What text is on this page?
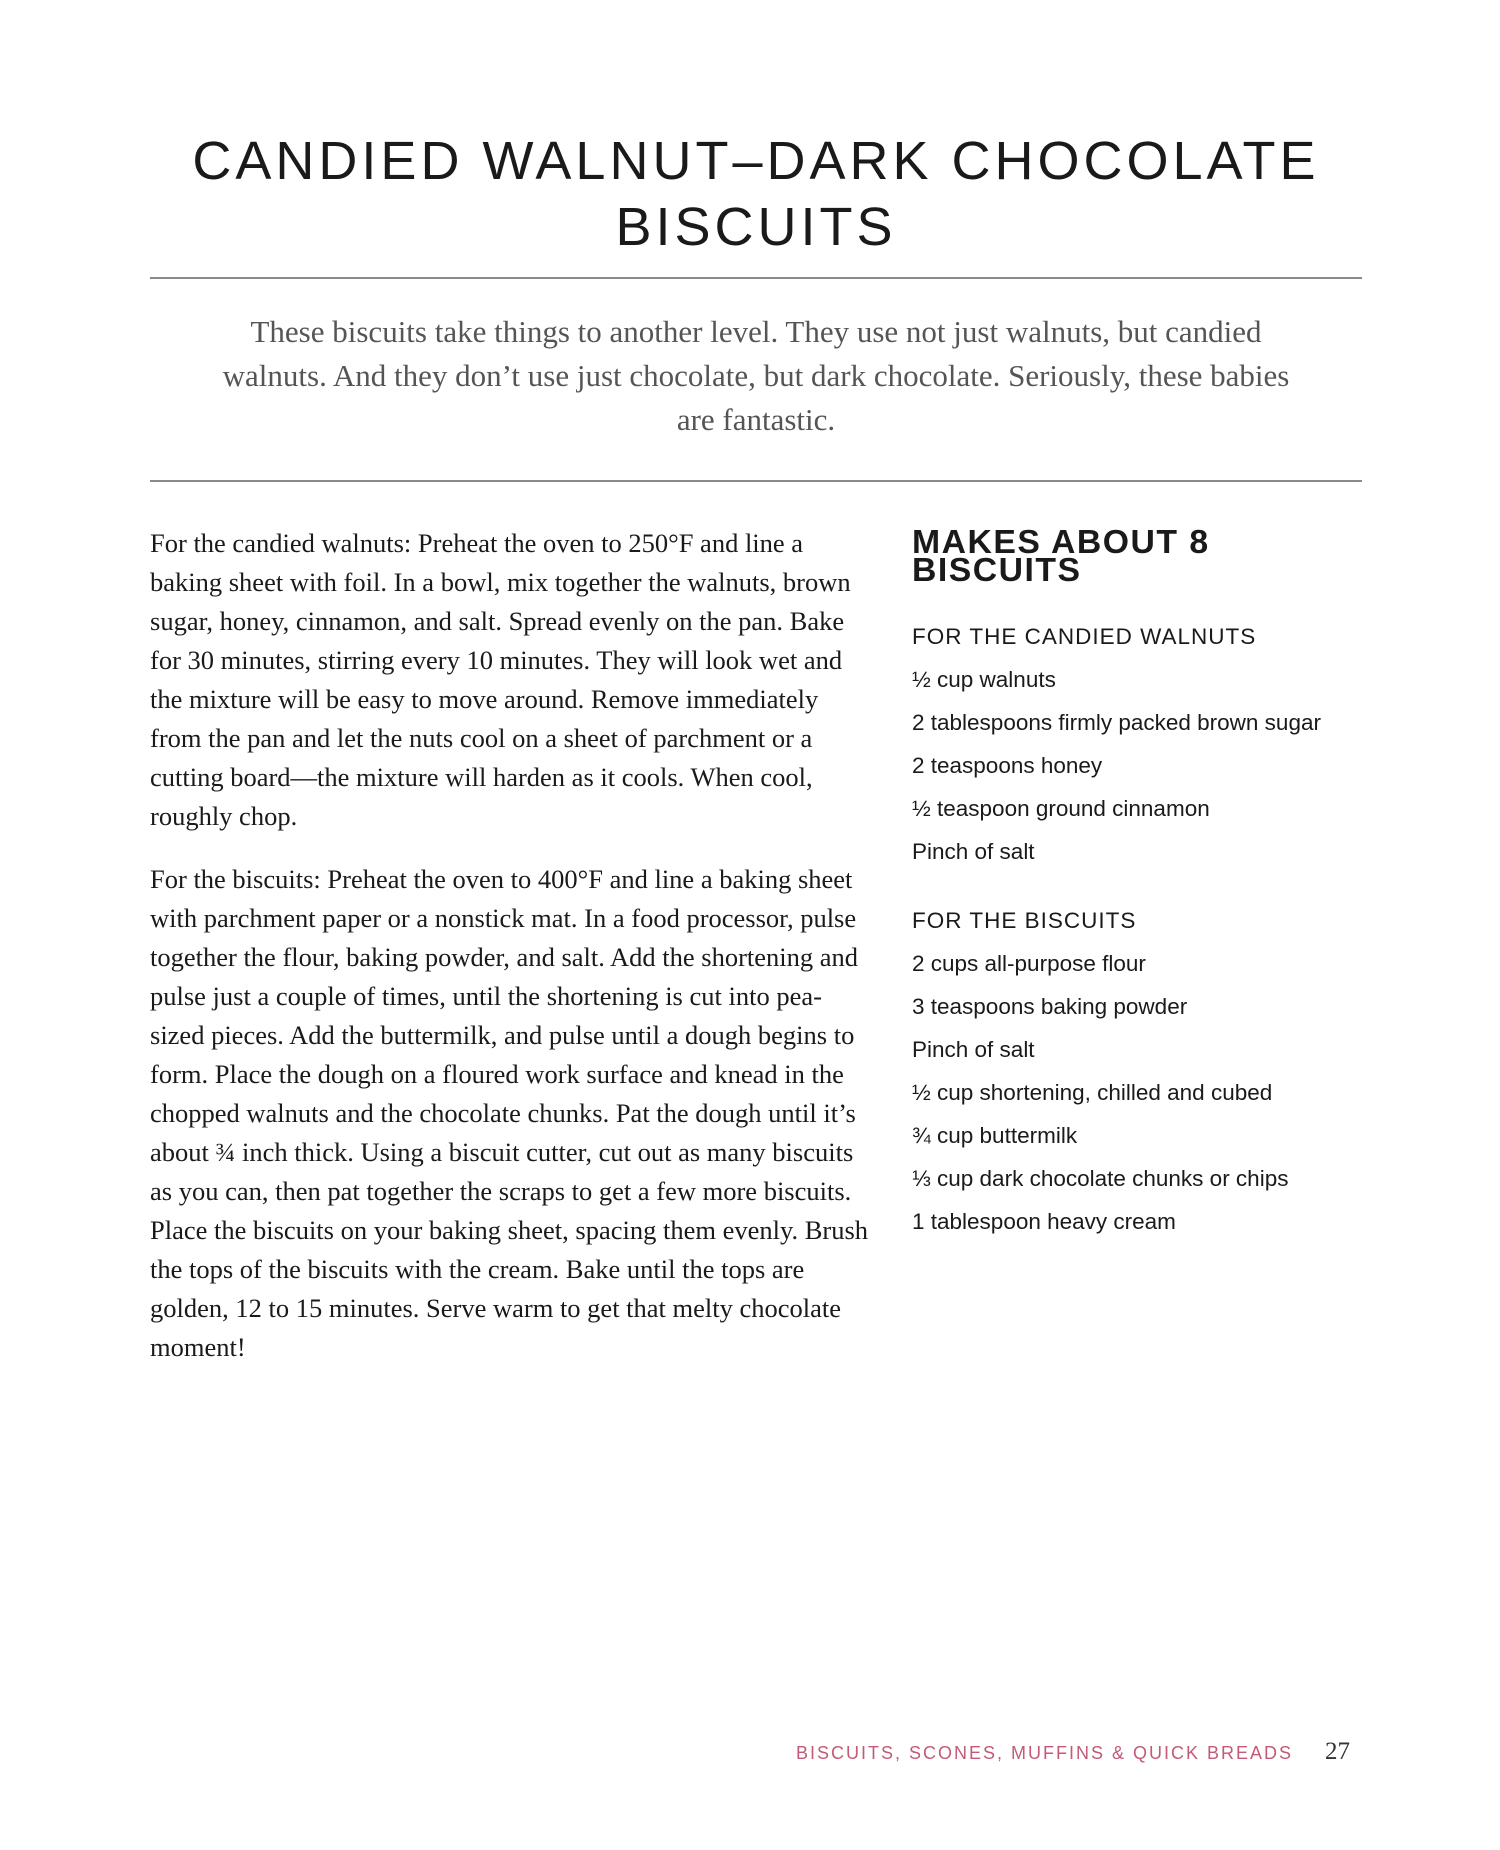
CANDIED WALNUT–DARK CHOCOLATE
BISCUITS

These biscuits take things to another level. They use not just walnuts, but candied walnuts. And they don’t use just chocolate, but dark chocolate. Seriously, these babies are fantastic.

For the candied walnuts: Preheat the oven to 250°F and line a baking sheet with foil. In a bowl, mix together the walnuts, brown sugar, honey, cinnamon, and salt. Spread evenly on the pan. Bake for 30 minutes, stirring every 10 minutes. They will look wet and the mixture will be easy to move around. Remove immediately from the pan and let the nuts cool on a sheet of parchment or a cutting board—the mixture will harden as it cools. When cool, roughly chop.

For the biscuits: Preheat the oven to 400°F and line a baking sheet with parchment paper or a nonstick mat. In a food processor, pulse together the flour, baking powder, and salt. Add the shortening and pulse just a couple of times, until the shortening is cut into pea-sized pieces. Add the buttermilk, and pulse until a dough begins to form. Place the dough on a floured work surface and knead in the chopped walnuts and the chocolate chunks. Pat the dough until it’s about ¾ inch thick. Using a biscuit cutter, cut out as many biscuits as you can, then pat together the scraps to get a few more biscuits. Place the biscuits on your baking sheet, spacing them evenly. Brush the tops of the biscuits with the cream. Bake until the tops are golden, 12 to 15 minutes. Serve warm to get that melty chocolate moment!

MAKES ABOUT 8 BISCUITS
FOR THE CANDIED WALNUTS
½ cup walnuts
2 tablespoons firmly packed brown sugar
2 teaspoons honey
½ teaspoon ground cinnamon
Pinch of salt
FOR THE BISCUITS
2 cups all-purpose flour
3 teaspoons baking powder
Pinch of salt
½ cup shortening, chilled and cubed
¾ cup buttermilk
⅓ cup dark chocolate chunks or chips
1 tablespoon heavy cream
BISCUITS, SCONES, MUFFINS & QUICK BREADS 27
